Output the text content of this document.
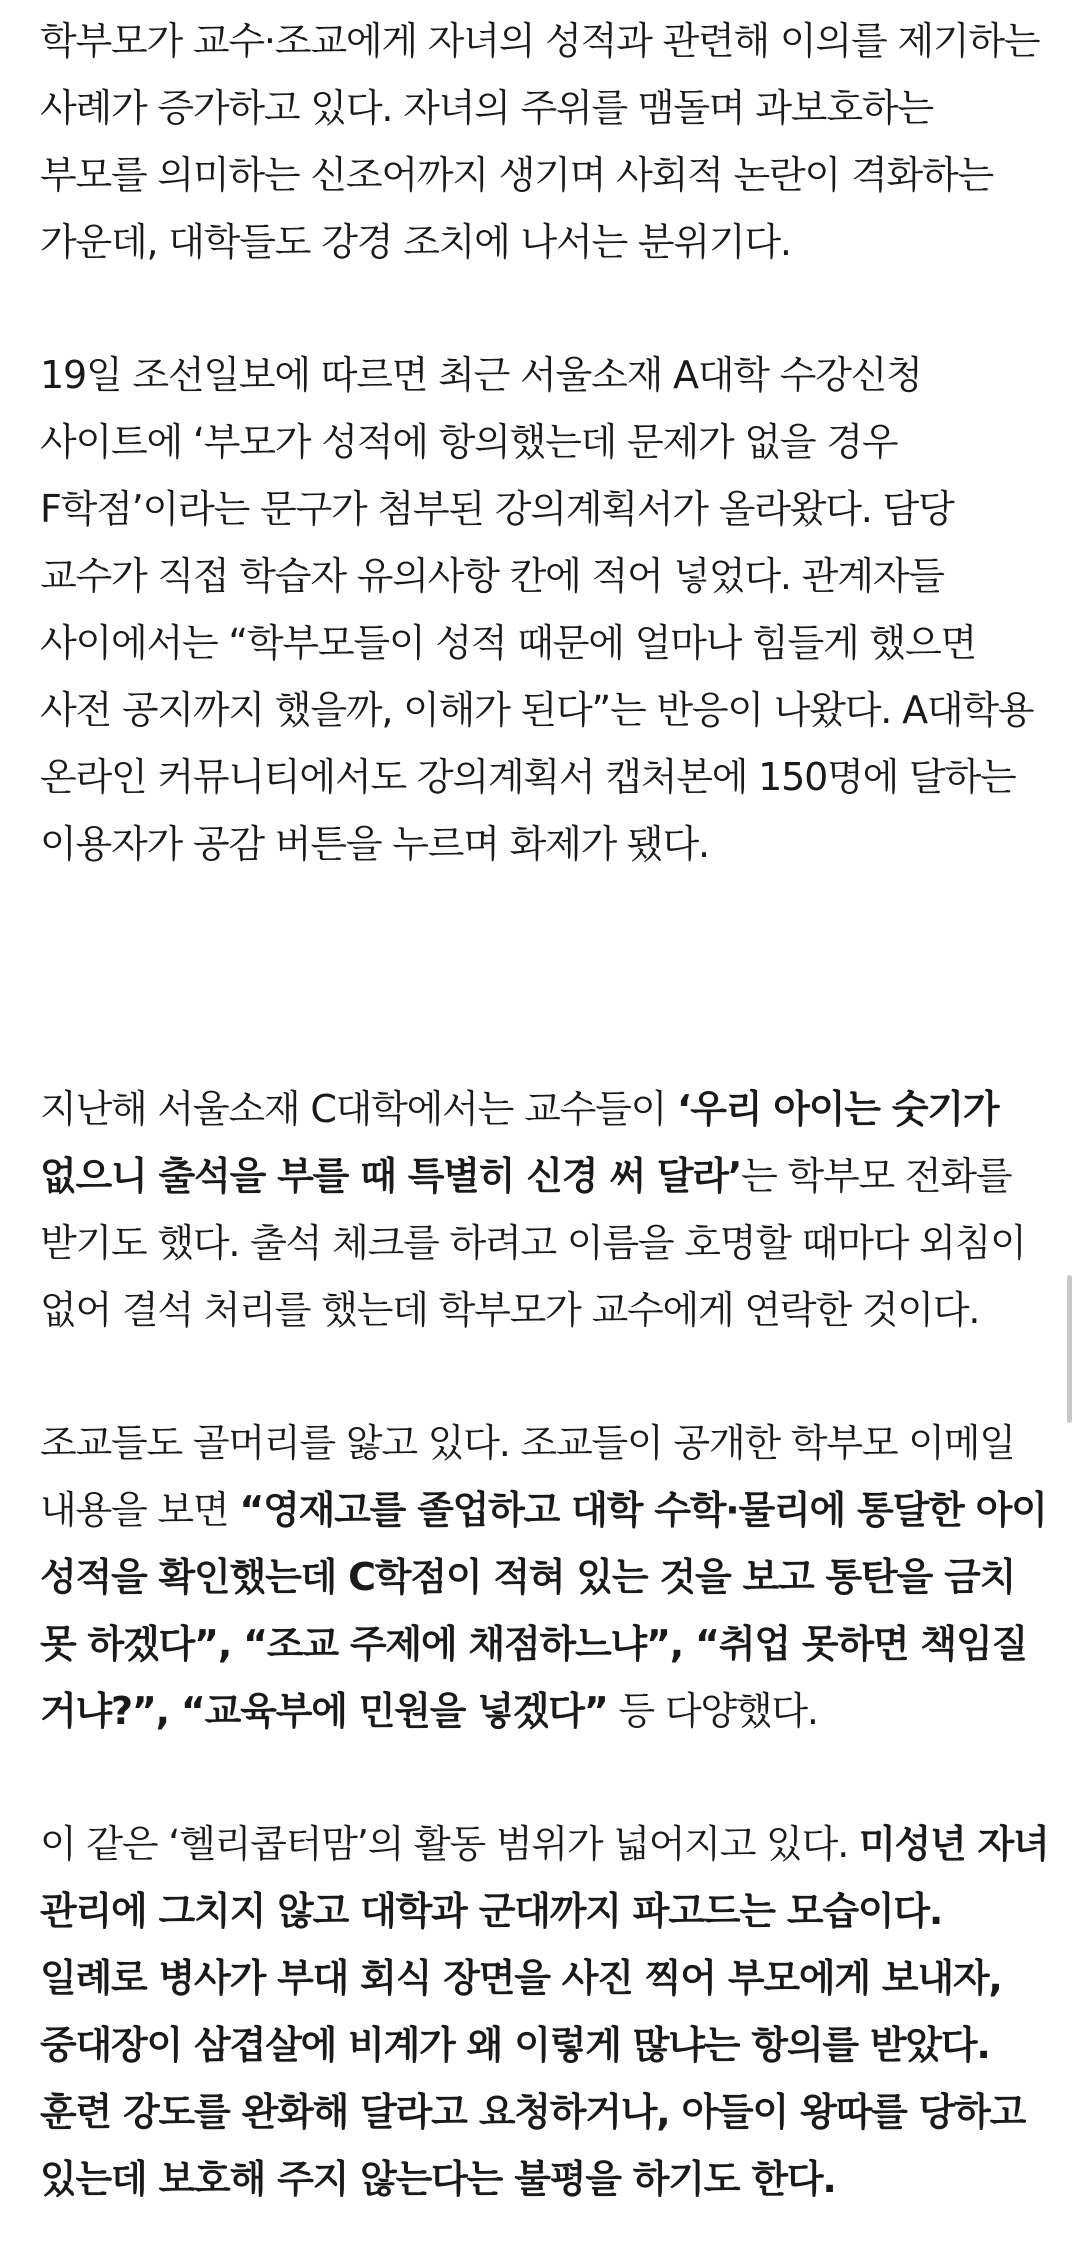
학부모가 교수·조교에게 자녀의 성적과 관련해 이의를 제기하는 사례가 증가하고 있다. 자녀의 주위를 맴돌며 과보호하는 부모를 의미하는 신조어까지 생기며 사회적 논란이 격화하는 가운데, 대학들도 강경 조치에 나서는 분위기다.

19일 조선일보에 따르면 최근 서울소재 A대학 수강신청 사이트에 ‘부모가 성적에 항의했는데 문제가 없을 경우 F학점’이라는 문구가 첨부된 강의계획서가 올라왔다. 담당 교수가 직접 학습자 유의사항 칸에 적어 넣었다. 관계자들 사이에서는 “학부모들이 성적 때문에 얼마나 힘들게 했으면 사전 공지까지 했을까, 이해가 된다”는 반응이 나왔다. A대학용 온라인 커뮤니티에서도 강의계획서 캡처본에 150명에 달하는 이용자가 공감 버튼을 누르며 화제가 됐다.

지난해 서울소재 C대학에서는 교수들이 ‘우리 아이는 숫기가 없으니 출석을 부를 때 특별히 신경 써 달라’는 학부모 전화를 받기도 했다. 출석 체크를 하려고 이름을 호명할 때마다 외침이 없어 결석 처리를 했는데 학부모가 교수에게 연락한 것이다.

조교들도 골머리를 앓고 있다. 조교들이 공개한 학부모 이메일 내용을 보면 “영재고를 졸업하고 대학 수학·물리에 통달한 아이 성적을 확인했는데 C학점이 적혀 있는 것을 보고 통탄을 금치 못 하겠다”, “조교 주제에 채점하느냐”, “취업 못하면 책임질 거냐?”, “교육부에 민원을 넣겠다” 등 다양했다.

이 같은 ‘헬리콥터맘’의 활동 범위가 넓어지고 있다. 미성년 자녀 관리에 그치지 않고 대학과 군대까지 파고드는 모습이다. 일례로 병사가 부대 회식 장면을 사진 찍어 부모에게 보내자, 중대장이 삼겹살에 비계가 왜 이렇게 많냐는 항의를 받았다. 훈련 강도를 완화해 달라고 요청하거나, 아들이 왕따를 당하고 있는데 보호해 주지 않는다는 불평을 하기도 한다.
